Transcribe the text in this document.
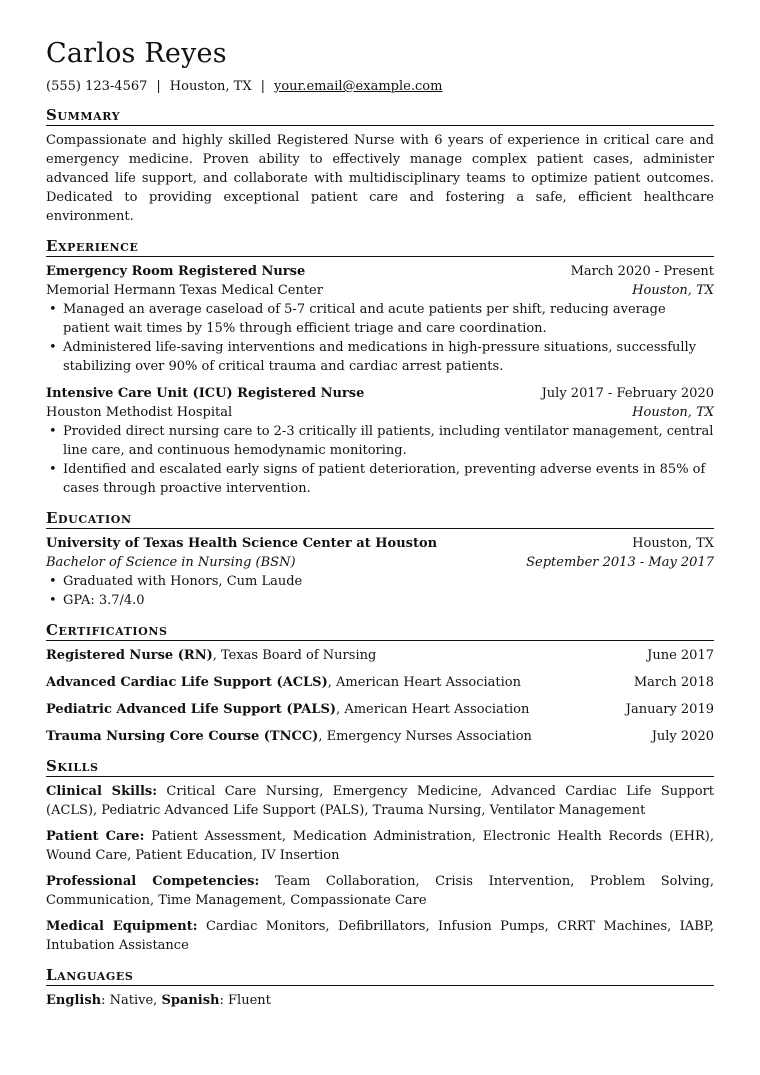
Carlos Reyes
(555) 123-4567 | Houston, TX | your.email@example.com
Summary
Compassionate and highly skilled Registered Nurse with 6 years of experience in critical care and emergency medicine. Proven ability to effectively manage complex patient cases, administer advanced life support, and collaborate with multidisciplinary teams to optimize patient outcomes. Dedicated to providing exceptional patient care and fostering a safe, efficient healthcare environment.
Experience
Emergency Room Registered Nurse	March 2020 - Present
Memorial Hermann Texas Medical Center	Houston, TX
• Managed an average caseload of 5-7 critical and acute patients per shift, reducing average patient wait times by 15% through efficient triage and care coordination.
• Administered life-saving interventions and medications in high-pressure situations, successfully stabilizing over 90% of critical trauma and cardiac arrest patients.
Intensive Care Unit (ICU) Registered Nurse	July 2017 - February 2020
Houston Methodist Hospital	Houston, TX
• Provided direct nursing care to 2-3 critically ill patients, including ventilator management, central line care, and continuous hemodynamic monitoring.
• Identified and escalated early signs of patient deterioration, preventing adverse events in 85% of cases through proactive intervention.
Education
University of Texas Health Science Center at Houston	Houston, TX
Bachelor of Science in Nursing (BSN)	September 2013 - May 2017
• Graduated with Honors, Cum Laude
• GPA: 3.7/4.0
Certifications
Registered Nurse (RN), Texas Board of Nursing	June 2017
Advanced Cardiac Life Support (ACLS), American Heart Association	March 2018
Pediatric Advanced Life Support (PALS), American Heart Association	January 2019
Trauma Nursing Core Course (TNCC), Emergency Nurses Association	July 2020
Skills
Clinical Skills: Critical Care Nursing, Emergency Medicine, Advanced Cardiac Life Support (ACLS), Pediatric Advanced Life Support (PALS), Trauma Nursing, Ventilator Management
Patient Care: Patient Assessment, Medication Administration, Electronic Health Records (EHR), Wound Care, Patient Education, IV Insertion
Professional Competencies: Team Collaboration, Crisis Intervention, Problem Solving, Communication, Time Management, Compassionate Care
Medical Equipment: Cardiac Monitors, Defibrillators, Infusion Pumps, CRRT Machines, IABP, Intubation Assistance
Languages
English: Native, Spanish: Fluent
